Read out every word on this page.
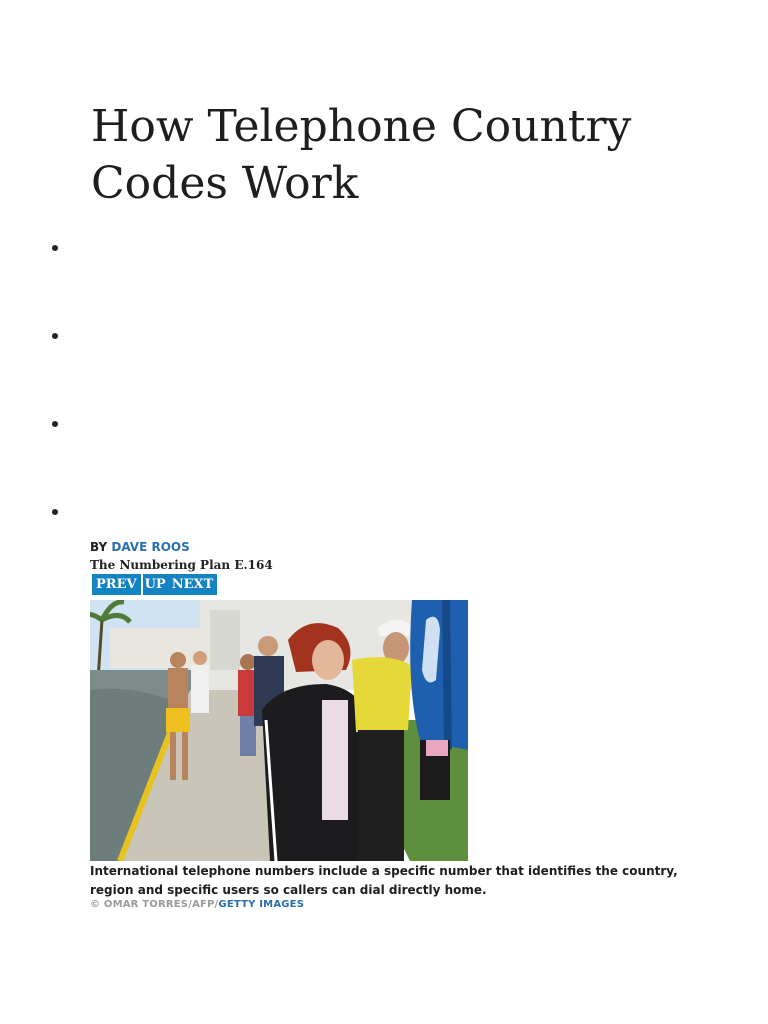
How Telephone Country
Codes Work
BY DAVE ROOS
The Numbering Plan E.164
PREV UP NEXT
International telephone numbers include a specific number that identifies the country, region and specific users so callers can dial directly home.
© OMAR TORRES/AFP/GETTY IMAGES
